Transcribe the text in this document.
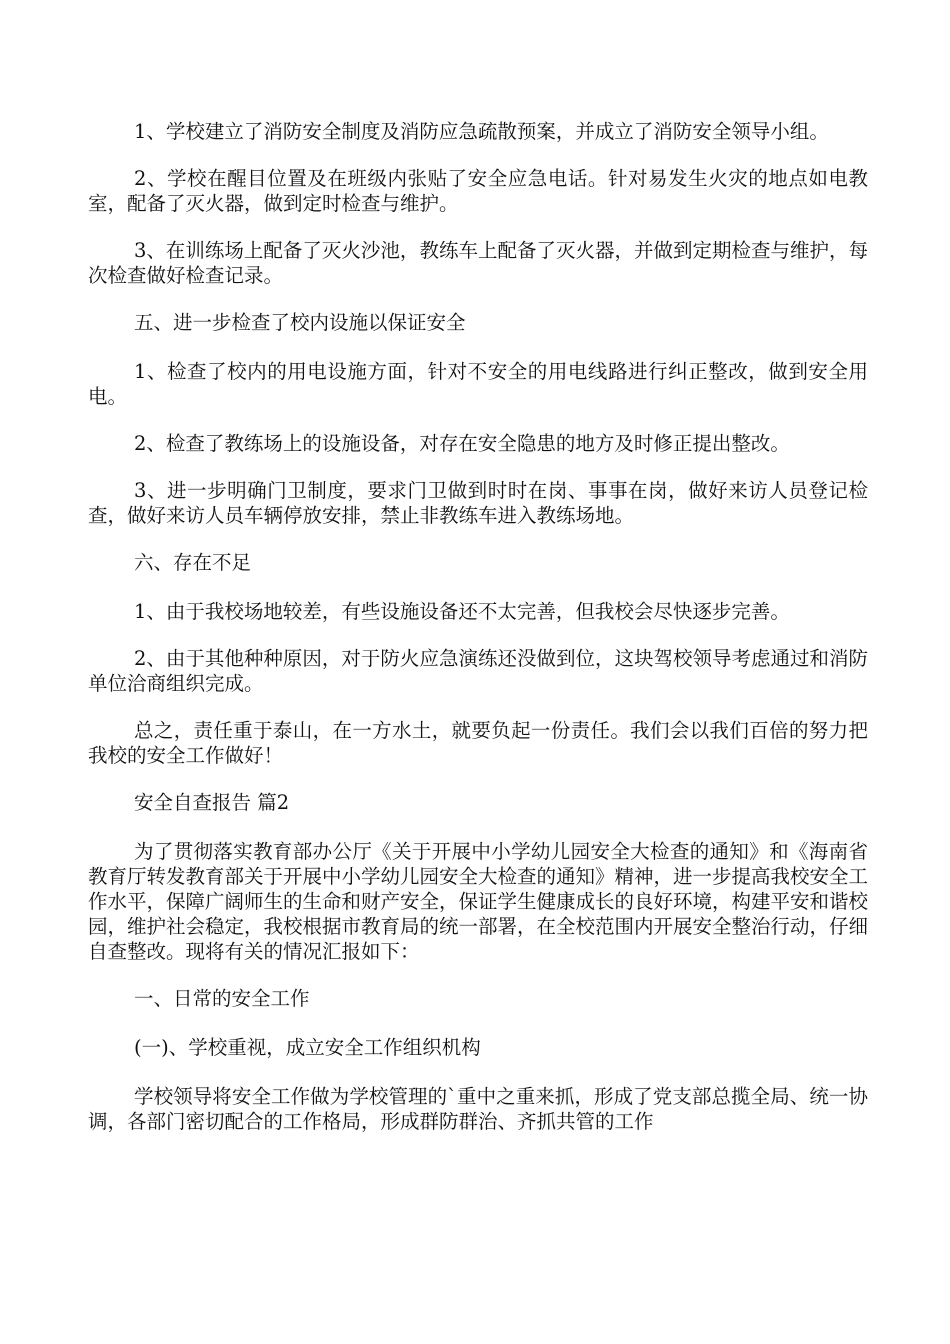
1、学校建立了消防安全制度及消防应急疏散预案，并成立了消防安全领导小组。

2、学校在醒目位置及在班级内张贴了安全应急电话。针对易发生火灾的地点如电教室，配备了灭火器，做到定时检查与维护。

3、在训练场上配备了灭火沙池，教练车上配备了灭火器，并做到定期检查与维护，每次检查做好检查记录。

五、进一步检查了校内设施以保证安全

1、检查了校内的用电设施方面，针对不安全的用电线路进行纠正整改，做到安全用电。

2、检查了教练场上的设施设备，对存在安全隐患的地方及时修正提出整改。

3、进一步明确门卫制度，要求门卫做到时时在岗、事事在岗，做好来访人员登记检查，做好来访人员车辆停放安排，禁止非教练车进入教练场地。

六、存在不足

1、由于我校场地较差，有些设施设备还不太完善，但我校会尽快逐步完善。

2、由于其他种种原因，对于防火应急演练还没做到位，这块驾校领导考虑通过和消防单位洽商组织完成。

总之，责任重于泰山，在一方水土，就要负起一份责任。我们会以我们百倍的努力把我校的安全工作做好！

安全自查报告 篇2

为了贯彻落实教育部办公厅《关于开展中小学幼儿园安全大检查的通知》和《海南省教育厅转发教育部关于开展中小学幼儿园安全大检查的通知》精神，进一步提高我校安全工作水平，保障广阔师生的生命和财产安全，保证学生健康成长的良好环境，构建平安和谐校园，维护社会稳定，我校根据市教育局的统一部署，在全校范围内开展安全整治行动，仔细自查整改。现将有关的情况汇报如下：

一、日常的安全工作

(一)、学校重视，成立安全工作组织机构

学校领导将安全工作做为学校管理的`重中之重来抓，形成了党支部总揽全局、统一协调，各部门密切配合的工作格局，形成群防群治、齐抓共管的工作
